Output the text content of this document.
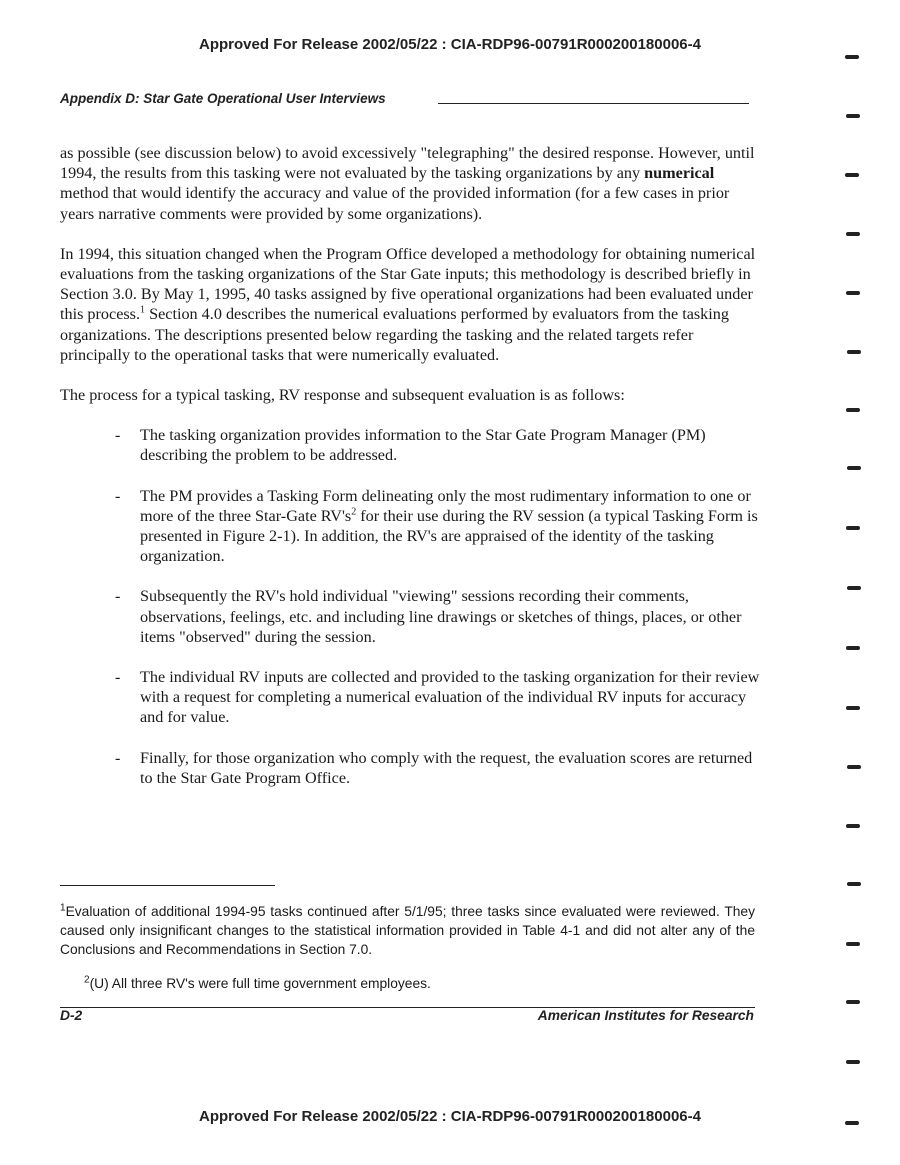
Approved For Release 2002/05/22 : CIA-RDP96-00791R000200180006-4
Appendix D: Star Gate Operational User Interviews

as possible (see discussion below) to avoid excessively "telegraphing" the desired response. However, until 1994, the results from this tasking were not evaluated by the tasking organizations by any numerical method that would identify the accuracy and value of the provided information (for a few cases in prior years narrative comments were provided by some organizations).

In 1994, this situation changed when the Program Office developed a methodology for obtaining numerical evaluations from the tasking organizations of the Star Gate inputs; this methodology is described briefly in Section 3.0. By May 1, 1995, 40 tasks assigned by five operational organizations had been evaluated under this process.$^1$ Section 4.0 describes the numerical evaluations performed by evaluators from the tasking organizations. The descriptions presented below regarding the tasking and the related targets refer principally to the operational tasks that were numerically evaluated.

The process for a typical tasking, RV response and subsequent evaluation is as follows:

- The tasking organization provides information to the Star Gate Program Manager (PM) describing the problem to be addressed.
- The PM provides a Tasking Form delineating only the most rudimentary information to one or more of the three Star-Gate $RV's^2$ for their use during the RV session (a typical Tasking Form is presented in Figure 2-1). In addition, the RV's are appraised of the identity of the tasking organization.
- Subsequently the RV's hold individual "viewing" sessions recording their comments, observations, feelings, etc. and including line drawings or sketches of things, places, or other items "observed" during the session.
- The individual RV inputs are collected and provided to the tasking organization for their review with a request for completing a numerical evaluation of the individual RV inputs for accuracy and for value.
- Finally, for those organization who comply with the request, the evaluation scores are returned to the Star Gate Program Office.

$^1$Evaluation of additional 1994-95 tasks continued after 5/1/95; three tasks since evaluated were reviewed. They caused only insignificant changes to the statistical information provided in Table 4-1 and did not alter any of the Conclusions and Recommendations in Section 7.0.

$^2$(U) All three RV's were full time government employees.

D-2	American Institutes for Research
Approved For Release 2002/05/22 : CIA-RDP96-00791R000200180006-4
